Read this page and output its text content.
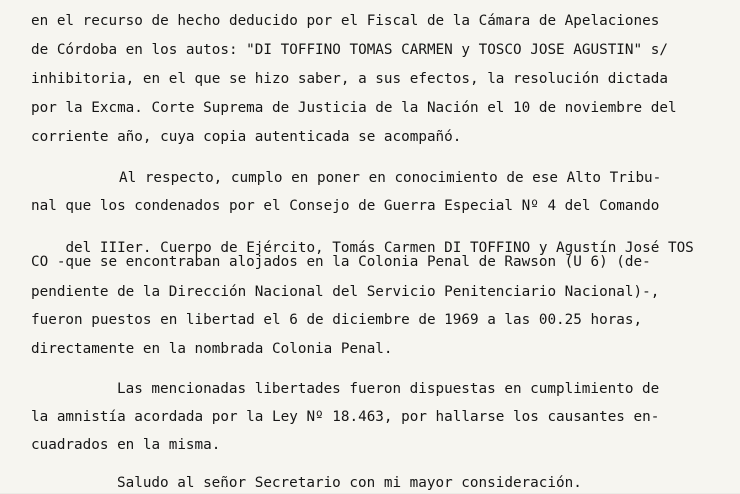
en el recurso de hecho deducido por el Fiscal de la Cámara de Apelaciones
de Córdoba en los autos: "DI TOFFINO TOMAS CARMEN y TOSCO JOSE AGUSTIN" s/
inhibitoria, en el que se hizo saber, a sus efectos, la resolución dictada
por la Excma. Corte Suprema de Justicia de la Nación el 10 de noviembre del
corriente año, cuya copia autenticada se acompañó.
Al respecto, cumplo en poner en conocimiento de ese Alto Tribu-
nal que los condenados por el Consejo de Guerra Especial Nº 4 del Comando

del IIIer. Cuerpo de Ejército, Tomás Carmen DI TOFFINO y Agustín José TOS

CO -que se encontraban alojados en la Colonia Penal de Rawson (U 6) (de-
pendiente de la Dirección Nacional del Servicio Penitenciario Nacional)-,
fueron puestos en libertad el 6 de diciembre de 1969 a las 00.25 horas,
directamente en la nombrada Colonia Penal.
Las mencionadas libertades fueron dispuestas en cumplimiento de
la amnistía acordada por la Ley Nº 18.463, por hallarse los causantes en-
cuadrados en la misma.
Saludo al señor Secretario con mi mayor consideración.
